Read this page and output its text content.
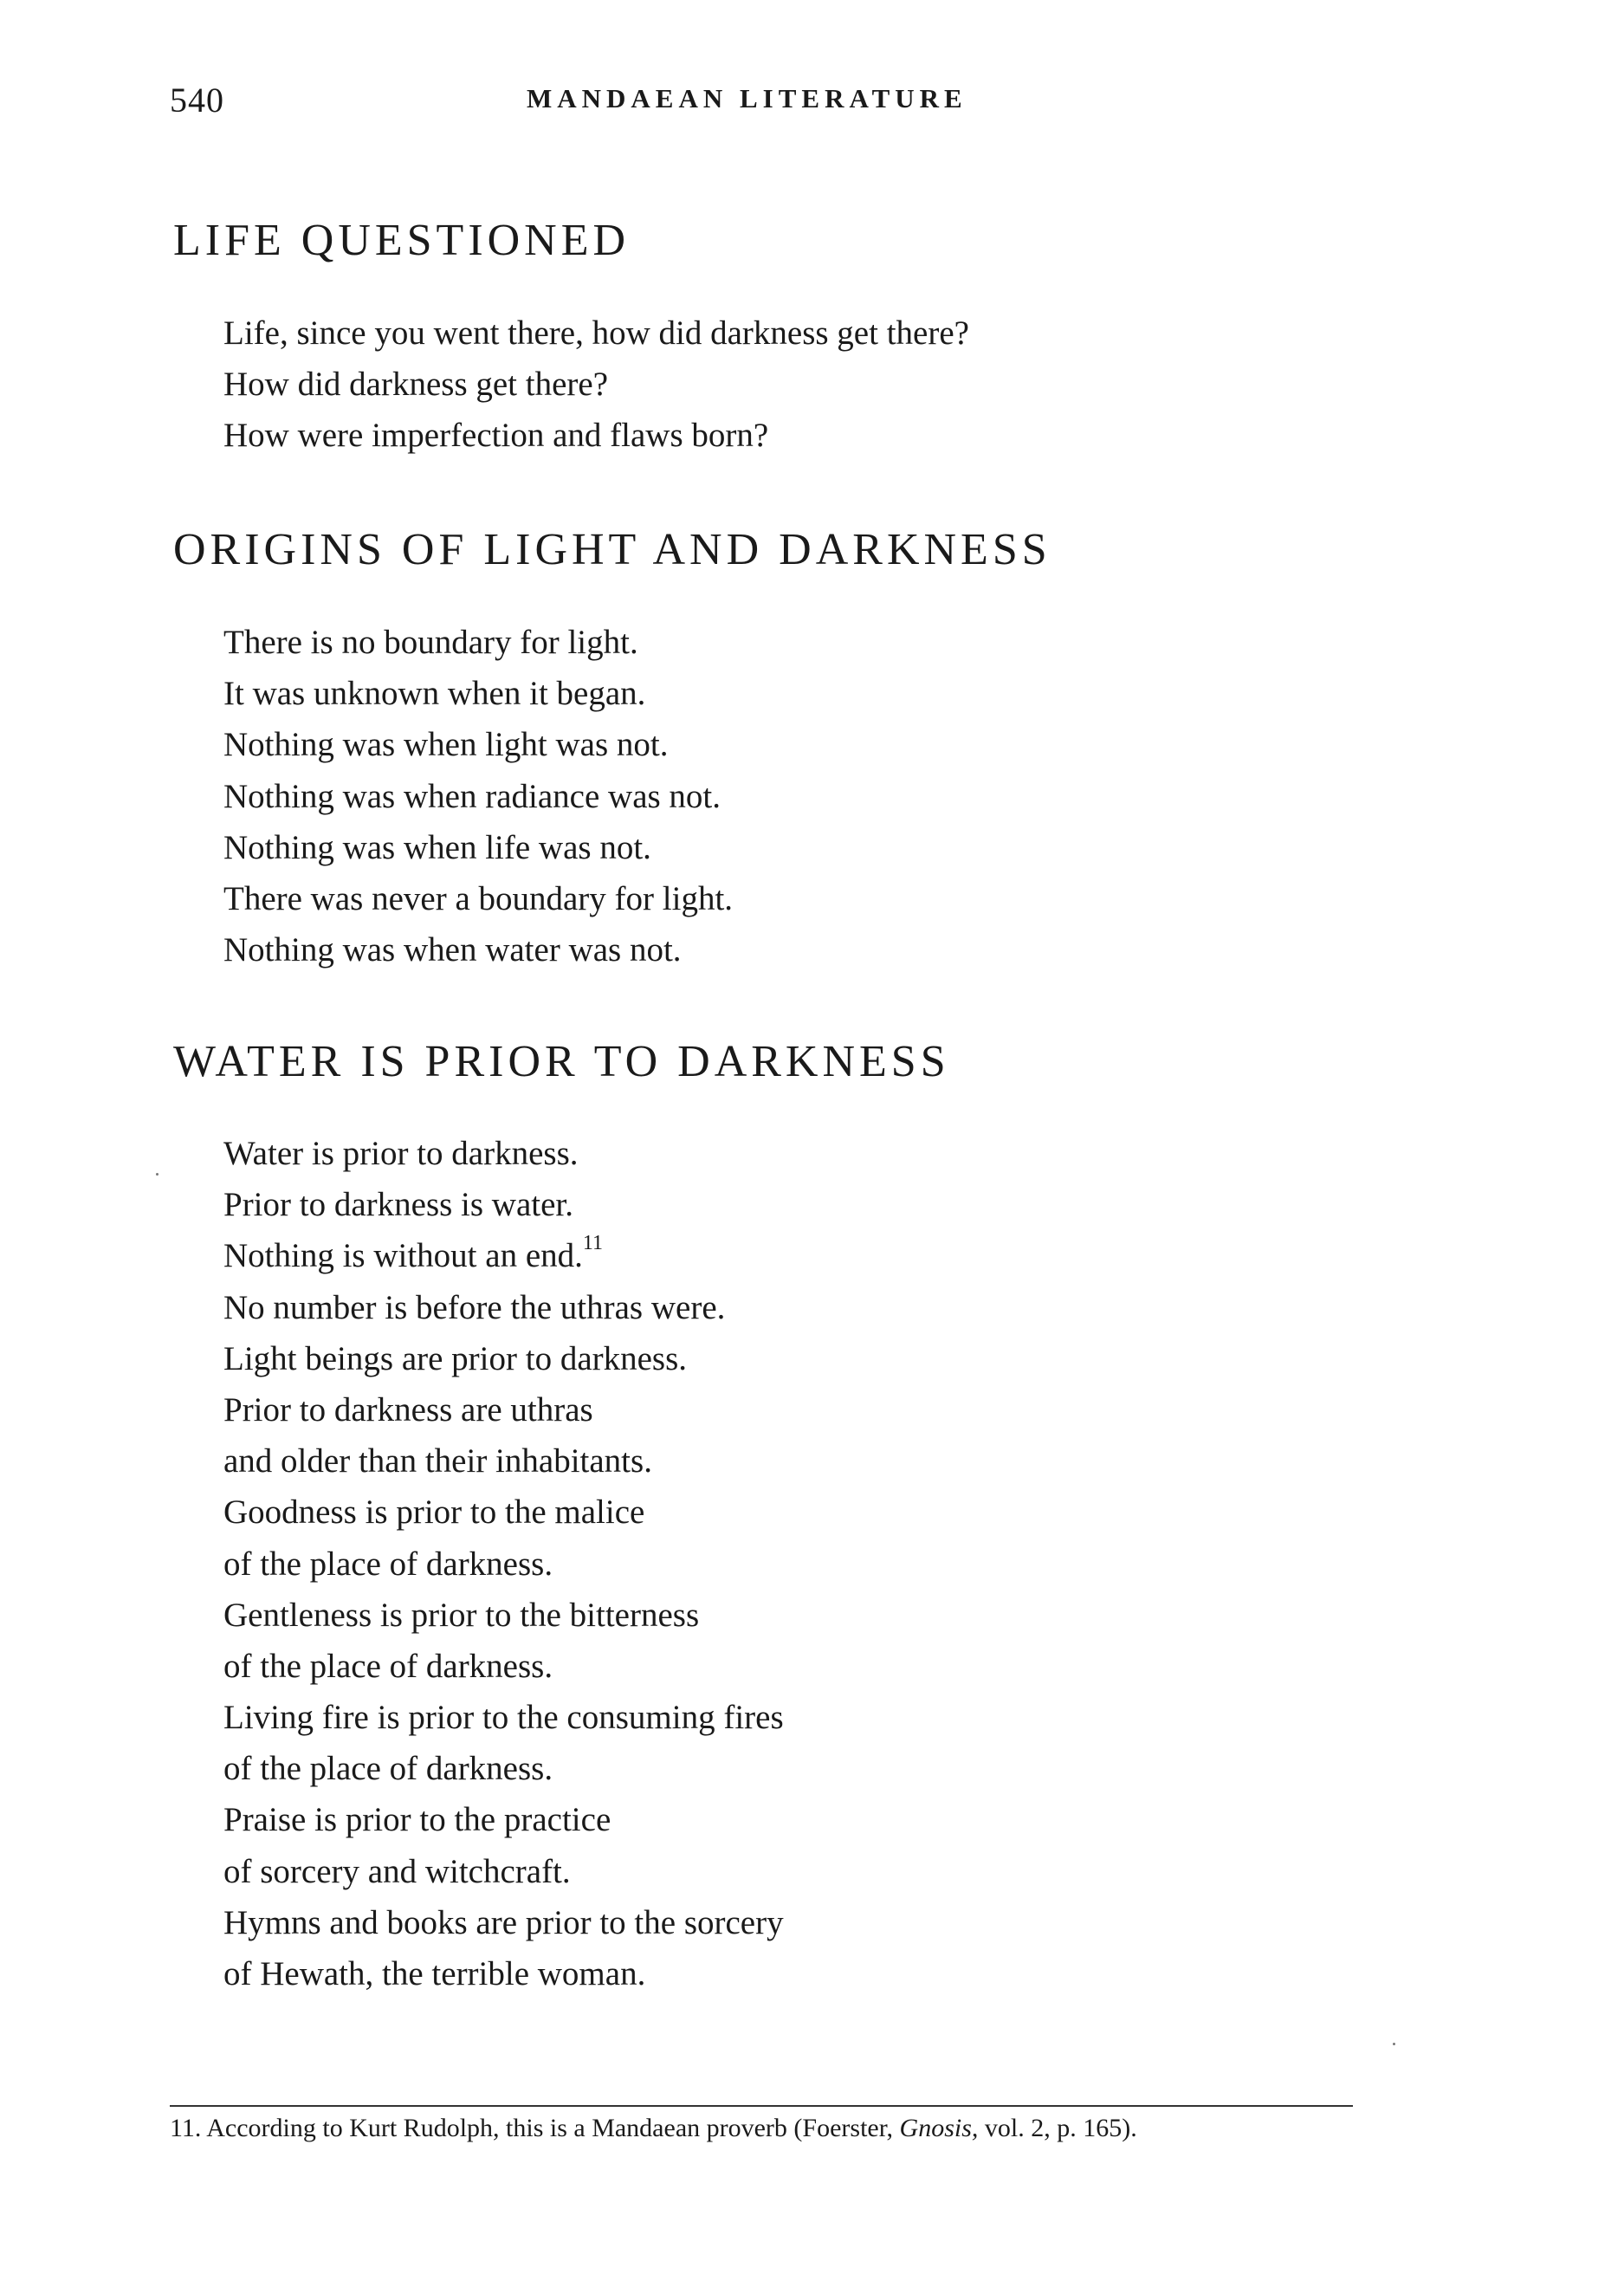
540	MANDAEAN LITERATURE
LIFE QUESTIONED
Life, since you went there, how did darkness get there?
How did darkness get there?
How were imperfection and flaws born?
ORIGINS OF LIGHT AND DARKNESS
There is no boundary for light.
It was unknown when it began.
Nothing was when light was not.
Nothing was when radiance was not.
Nothing was when life was not.
There was never a boundary for light.
Nothing was when water was not.
WATER IS PRIOR TO DARKNESS
Water is prior to darkness.
Prior to darkness is water.
Nothing is without an end.$^{11}$
No number is before the uthras were.
Light beings are prior to darkness.
Prior to darkness are uthras
and older than their inhabitants.
Goodness is prior to the malice
of the place of darkness.
Gentleness is prior to the bitterness
of the place of darkness.
Living fire is prior to the consuming fires
of the place of darkness.
Praise is prior to the practice
of sorcery and witchcraft.
Hymns and books are prior to the sorcery
of Hewath, the terrible woman.
11. According to Kurt Rudolph, this is a Mandaean proverb (Foerster, Gnosis, vol. 2, p. 165).
